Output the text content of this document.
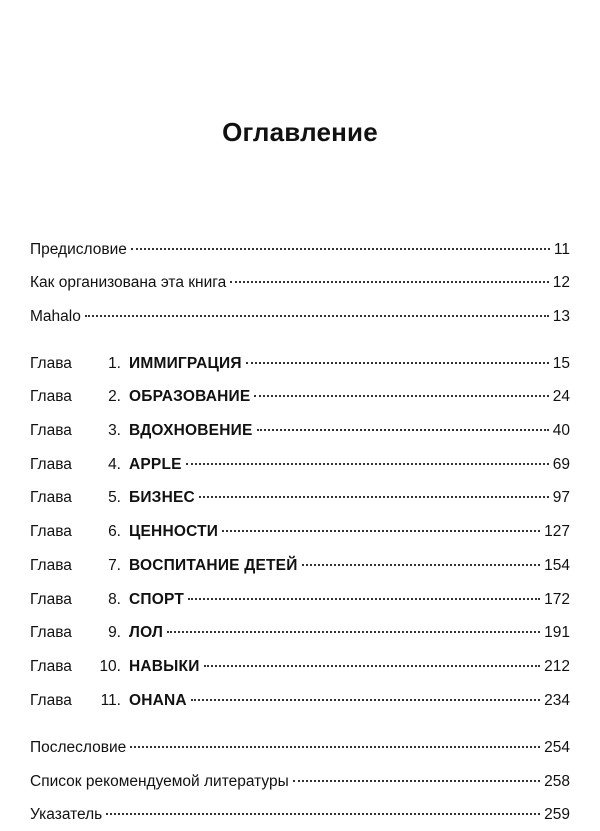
Оглавление
Предисловие	11
Как организована эта книга	12
Mahalo	13
Глава	1. ИММИГРАЦИЯ	15
Глава	2. ОБРАЗОВАНИЕ	24
Глава	3. ВДОХНОВЕНИЕ	40
Глава	4. APPLE	69
Глава	5. БИЗНЕС	97
Глава	6. ЦЕННОСТИ	127
Глава	7. ВОСПИТАНИЕ ДЕТЕЙ	154
Глава	8. СПОРТ	172
Глава	9. ЛОЛ	191
Глава	10. НАВЫКИ	212
Глава	11. OHANA	234
Послесловие	254
Список рекомендуемой литературы	258
Указатель	259
